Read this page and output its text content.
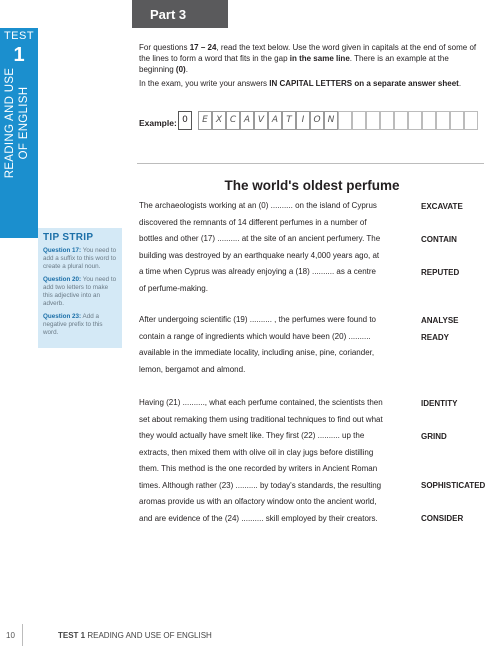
Part 3
TEST
1
READING AND USE OF ENGLISH
TIP STRIP
Question 17: You need to add a suffix to this word to create a plural noun.
Question 20: You need to add two letters to make this adjective into an adverb.
Question 23: Add a negative prefix to this word.
For questions 17 – 24, read the text below. Use the word given in capitals at the end of some of the lines to form a word that fits in the gap in the same line. There is an example at the beginning (0).
In the exam, you write your answers IN CAPITAL LETTERS on a separate answer sheet.
Example: 0	E X C A V A T	I	O N
The world's oldest perfume
The archaeologists working at an (0) .......... on the island of Cyprus
discovered the remnants of 14 different perfumes in a number of
bottles and other (17) .......... at the site of an ancient perfumery. The
building was destroyed by an earthquake nearly 4,000 years ago, at
a time when Cyprus was already enjoying a (18) .......... as a centre
of perfume-making.
After undergoing scientific (19) .......... , the perfumes were found to
contain a range of ingredients which would have been (20) ..........
available in the immediate locality, including anise, pine, coriander,
lemon, bergamot and almond.
Having (21) .........., what each perfume contained, the scientists then
set about remaking them using traditional techniques to find out what
they would actually have smelt like. They first (22) .......... up the
extracts, then mixed them with olive oil in clay jugs before distilling
them. This method is the one recorded by writers in Ancient Roman
times. Although rather (23) .......... by today's standards, the resulting
aromas provide us with an olfactory window onto the ancient world,
and are evidence of the (24) .......... skill employed by their creators.
EXCAVATE
CONTAIN
REPUTED
ANALYSE
READY
IDENTITY
GRIND
SOPHISTICATED
CONSIDER
10	TEST 1 READING AND USE OF ENGLISH
